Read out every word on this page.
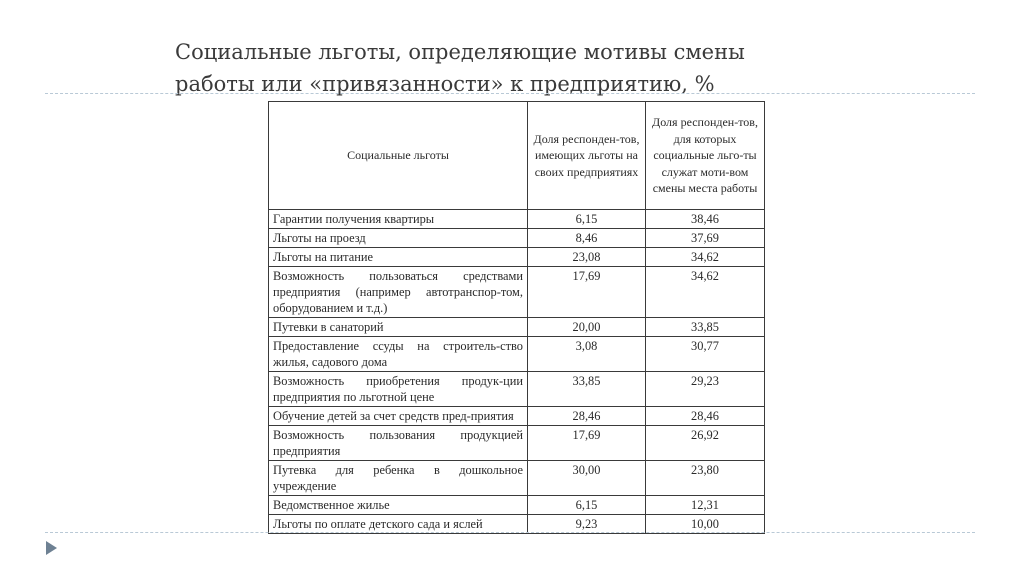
Социальные льготы, определяющие мотивы смены
работы или «привязанности» к предприятию, %
Социальные льготы	Доля респонден-тов, имеющих льготы на своих предприятиях	Доля респонден-тов, для которых социальные льго-ты служат моти-вом смены места работы
Гарантии получения квартиры	6,15	38,46
Льготы на проезд	8,46	37,69
Льготы на питание	23,08	34,62
Возможность пользоваться средствами предприятия (например автотранспор-том, оборудованием и т.д.)	17,69	34,62
Путевки в санаторий	20,00	33,85
Предоставление ссуды на строитель-ство жилья, садового дома	3,08	30,77
Возможность приобретения продук-ции предприятия по льготной цене	33,85	29,23
Обучение детей за счет средств пред-приятия	28,46	28,46
Возможность пользования продукцией предприятия	17,69	26,92
Путевка для ребенка в дошкольное учреждение	30,00	23,80
Ведомственное жилье	6,15	12,31
Льготы по оплате детского сада и яслей	9,23	10,00
